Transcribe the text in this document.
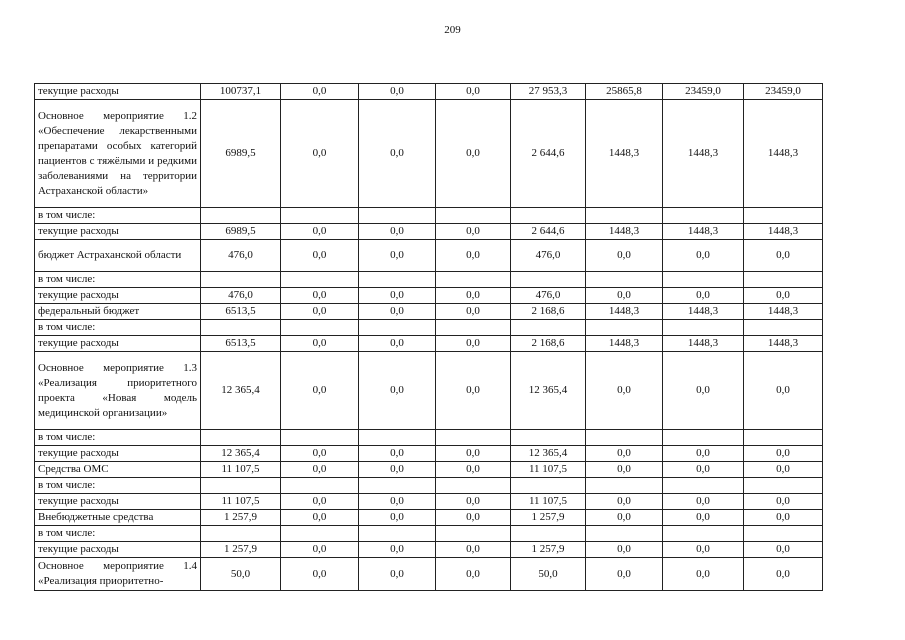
209
текущие расходы	100737,1	0,0	0,0	0,0	27 953,3	25865,8	23459,0	23459,0
Основное мероприятие 1.2 «Обеспечение лекарственными препаратами особых категорий пациентов с тяжёлыми и редкими заболеваниями на территории Астраханской области»	6989,5	0,0	0,0	0,0	2 644,6	1448,3	1448,3	1448,3
в том числе:								
текущие расходы	6989,5	0,0	0,0	0,0	2 644,6	1448,3	1448,3	1448,3
бюджет Астраханской области	476,0	0,0	0,0	0,0	476,0	0,0	0,0	0,0
в том числе:								
текущие расходы	476,0	0,0	0,0	0,0	476,0	0,0	0,0	0,0
федеральный бюджет	6513,5	0,0	0,0	0,0	2 168,6	1448,3	1448,3	1448,3
в том числе:								
текущие расходы	6513,5	0,0	0,0	0,0	2 168,6	1448,3	1448,3	1448,3
Основное мероприятие 1.3 «Реализация приоритетного проекта «Новая модель медицинской организации»	12 365,4	0,0	0,0	0,0	12 365,4	0,0	0,0	0,0
в том числе:								
текущие расходы	12 365,4	0,0	0,0	0,0	12 365,4	0,0	0,0	0,0
Средства ОМС	11 107,5	0,0	0,0	0,0	11 107,5	0,0	0,0	0,0
в том числе:								
текущие расходы	11 107,5	0,0	0,0	0,0	11 107,5	0,0	0,0	0,0
Внебюджетные средства	1 257,9	0,0	0,0	0,0	1 257,9	0,0	0,0	0,0
в том числе:								
текущие расходы	1 257,9	0,0	0,0	0,0	1 257,9	0,0	0,0	0,0
Основное мероприятие 1.4 «Реализация приоритетно-	50,0	0,0	0,0	0,0	50,0	0,0	0,0	0,0
